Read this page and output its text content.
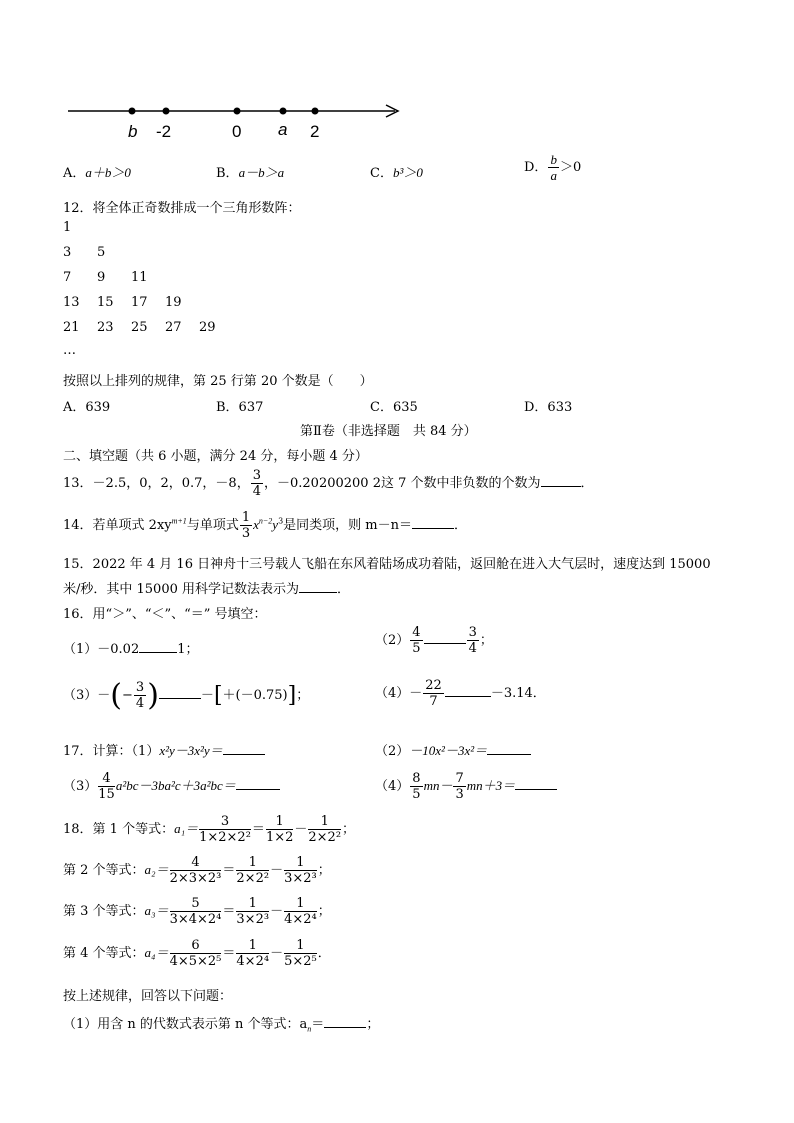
b -2	0 a 2
A．a＋b＞0	B．a－b＞a	C．b³＞0	D． $\frac{b}{a} >0$
12．将全体正奇数排成一个三角形数阵：
1
3 5
7 9 11
13 15 17 19
21 23 25 27 29
…
按照以上排列的规律，第 25 行第 20 个数是（　　）
A．639	B．637	C．635	D．633
第Ⅱ卷（非选择题　共 84 分）
二、填空题（共 6 小题，满分 24 分，每小题 4 分）
13．－2.5，0，2，0.7，－8， $\frac{3}{4}$ ，－0.20200200 2这 7 个数中非负数的个数为	．
14．若单项式 $2xy^{m+1}$与单项式 $\frac{1}{3} x^{n-2}y^3$是同类项，则 m－n＝	．
15．2022 年 4 月 16 日神舟十三号载人飞船在东风着陆场成功着陆，返回舱在进入大气层时，速度达到 15000
米/秒．其中 15000 用科学记数法表示为	．
16．用“＞”、“＜”、“＝” 号填空：
（1）－0.02	1；
$(2) \frac{4}{5}$	$\frac{3}{4}$ ；
$(3)-(- \frac{3}{4}$ )	－[＋(－0.75)]；	$(4)- \frac{22}{7}$	－3.14．
17．计算：（1）x²y－3x²y＝	（2）－10x²－3x²＝
$(3) \frac{4}{15} a^2bc-3ba^2c+3a^2bc=$	$(4) \frac{8}{5} mn- \frac{7}{3} mn+3=$
18．第 1 个等式：$a_1= \frac{3}{\text{1×2×2²}} = \frac{1}{1\times 2} - \frac{1}{\text{2×2²}}$ ；
第 2 个等式：$a_2= \frac{4}{\text{2×3×2³}} = \frac{1}{\text{2×2²}} - \frac{1}{\text{3×2³}}$ ；
第 3 个等式：$a_3= \frac{5}{\text{3×4×2⁴}} = \frac{1}{\text{3×2³}} - \frac{1}{\text{4×2⁴}}$ ；
第 4 个等式：$a_4= \frac{6}{\text{4×5×2⁵}} = \frac{1}{\text{4×2⁴}} - \frac{1}{\text{5×2⁵}}$ ．
按上述规律，回答以下问题：
（1）用含 n 的代数式表示第 n 个等式：$a_n=$	；
